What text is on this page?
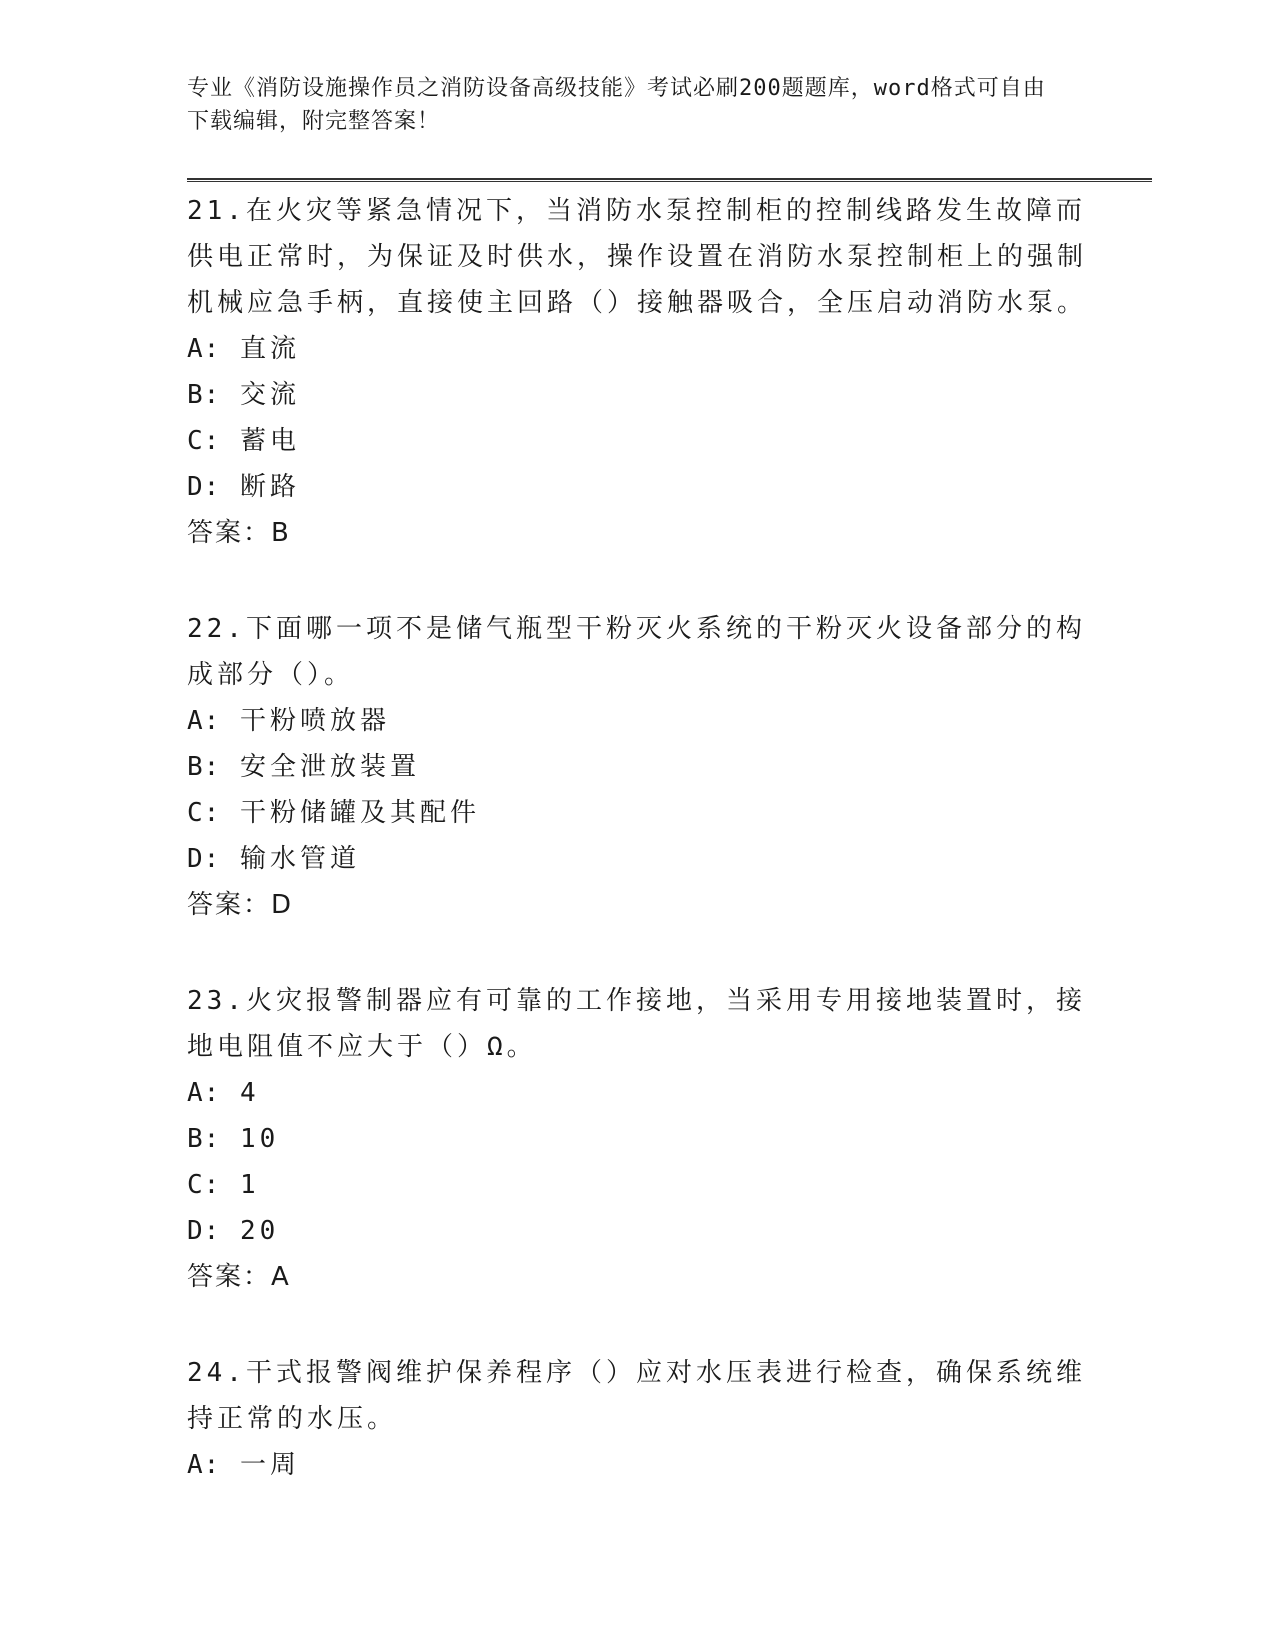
专业《消防设施操作员之消防设备高级技能》考试必刷200题题库，word格式可自由下载编辑，附完整答案！
21.在火灾等紧急情况下，当消防水泵控制柜的控制线路发生故障而供电正常时，为保证及时供水，操作设置在消防水泵控制柜上的强制机械应急手柄，直接使主回路（）接触器吸合，全压启动消防水泵。
A: 直流
B: 交流
C: 蓄电
D: 断路
答案：B
22.下面哪一项不是储气瓶型干粉灭火系统的干粉灭火设备部分的构成部分（）。
A: 干粉喷放器
B: 安全泄放装置
C: 干粉储罐及其配件
D: 输水管道
答案：D
23.火灾报警制器应有可靠的工作接地，当采用专用接地装置时，接地电阻值不应大于（）Ω。
A: 4
B: 10
C: 1
D: 20
答案：A
24.干式报警阀维护保养程序（）应对水压表进行检查，确保系统维持正常的水压。
A: 一周
